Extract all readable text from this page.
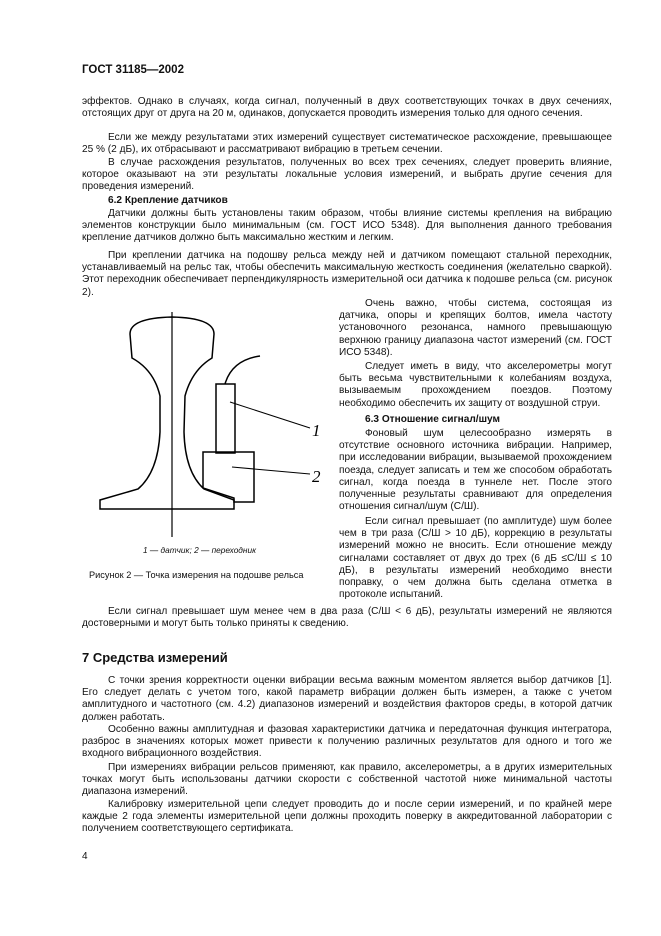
ГОСТ 31185—2002

эффектов. Однако в случаях, когда сигнал, полученный в двух соответствующих точках в двух сечениях, отстоящих друг от друга на 20 м, одинаков, допускается проводить измерения только для одного сечения.

Если же между результатами этих измерений существует систематическое расхождение, превышающее 25 % (2 дБ), их отбрасывают и рассматривают вибрацию в третьем сечении.

В случае расхождения результатов, полученных во всех трех сечениях, следует проверить влияние, которое оказывают на эти результаты локальные условия измерений, и выбрать другие сечения для проведения измерений.

6.2 Крепление датчиков

Датчики должны быть установлены таким образом, чтобы влияние системы крепления на вибрацию элементов конструкции было минимальным (см. ГОСТ ИСО 5348). Для выполнения данного требования крепление датчиков должно быть максимально жестким и легким.

При креплении датчика на подошву рельса между ней и датчиком помещают стальной переходник, устанавливаемый на рельс так, чтобы обеспечить максимальную жесткость соединения (желательно сваркой). Этот переходник обеспечивает перпендикулярность измерительной оси датчика к подошве рельса (см. рисунок 2).

1
2
1 — датчик; 2 — переходник
Рисунок 2 — Точка измерения на подошве рельса

Очень важно, чтобы система, состоящая из датчика, опоры и крепящих болтов, имела частоту установочного резонанса, намного превышающую верхнюю границу диапазона частот измерений (см. ГОСТ ИСО 5348).

Следует иметь в виду, что акселерометры могут быть весьма чувствительными к колебаниям воздуха, вызываемым прохождением поездов. Поэтому необходимо обеспечить их защиту от воздушной струи.

6.3 Отношение сигнал/шум

Фоновый шум целесообразно измерять в отсутствие основного источника вибрации. Например, при исследовании вибрации, вызываемой прохождением поезда, следует записать и тем же способом обработать сигнал, когда поезда в туннеле нет. После этого полученные результаты сравнивают для определения отношения сигнал/шум (С/Ш).

Если сигнал превышает (по амплитуде) шум более чем в три раза (С/Ш > 10 дБ), коррекцию в результаты измерений можно не вносить. Если отношение между сигналами составляет от двух до трех (6 дБ ≤С/Ш ≤ 10 дБ), в результаты измерений необходимо внести поправку, о чем должна быть сделана отметка в протоколе испытаний.

Если сигнал превышает шум менее чем в два раза (С/Ш < 6 дБ), результаты измерений не являются достоверными и могут быть только приняты к сведению.

7 Средства измерений

С точки зрения корректности оценки вибрации весьма важным моментом является выбор датчиков [1]. Его следует делать с учетом того, какой параметр вибрации должен быть измерен, а также с учетом амплитудного и частотного (см. 4.2) диапазонов измерений и воздействия факторов среды, в которой датчик должен работать.

Особенно важны амплитудная и фазовая характеристики датчика и передаточная функция интегратора, разброс в значениях которых может привести к получению различных результатов для одного и того же входного вибрационного воздействия.

При измерениях вибрации рельсов применяют, как правило, акселерометры, а в других измерительных точках могут быть использованы датчики скорости с собственной частотой ниже минимальной частоты диапазона измерений.

Калибровку измерительной цепи следует проводить до и после серии измерений, и по крайней мере каждые 2 года элементы измерительной цепи должны проходить поверку в аккредитованной лаборатории с получением соответствующего сертификата.

4
